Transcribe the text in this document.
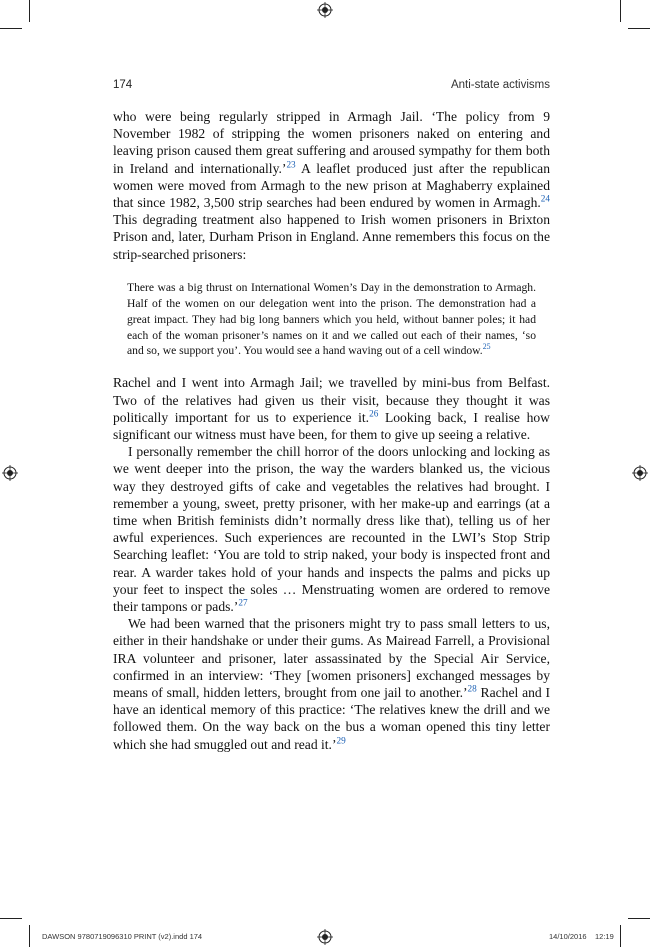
174	Anti-state activisms

who were being regularly stripped in Armagh Jail. ‘The policy from 9 November 1982 of stripping the women prisoners naked on entering and leaving prison caused them great suffering and aroused sympathy for them both in Ireland and internationally.’$^{23}$ A leaflet produced just after the republican women were moved from Armagh to the new prison at Maghaberry explained that since 1982, 3,500 strip searches had been endured by women in Armagh.$^{24}$ This degrading treatment also happened to Irish women prisoners in Brixton Prison and, later, Durham Prison in England. Anne remembers this focus on the strip-searched prisoners:

There was a big thrust on International Women’s Day in the demonstration to Armagh. Half of the women on our delegation went into the prison. The demonstration had a great impact. They had big long banners which you held, without banner poles; it had each of the woman prisoner’s names on it and we called out each of their names, ‘so and so, we support you’. You would see a hand waving out of a cell window.$^{25}$

Rachel and I went into Armagh Jail; we travelled by mini-bus from Belfast. Two of the relatives had given us their visit, because they thought it was politically important for us to experience it.$^{26}$ Looking back, I realise how significant our witness must have been, for them to give up seeing a relative.

I personally remember the chill horror of the doors unlocking and locking as we went deeper into the prison, the way the warders blanked us, the vicious way they destroyed gifts of cake and vegetables the relatives had brought. I remember a young, sweet, pretty prisoner, with her make-up and earrings (at a time when British feminists didn’t normally dress like that), telling us of her awful experiences. Such experiences are recounted in the LWI’s Stop Strip Searching leaflet: ‘You are told to strip naked, your body is inspected front and rear. A warder takes hold of your hands and inspects the palms and picks up your feet to inspect the soles … Menstruating women are ordered to remove their tampons or pads.’$^{27}$

We had been warned that the prisoners might try to pass small letters to us, either in their handshake or under their gums. As Mairead Farrell, a Provisional IRA volunteer and prisoner, later assassinated by the Special Air Service, confirmed in an interview: ‘They [women prisoners] exchanged messages by means of small, hidden letters, brought from one jail to another.’$^{28}$ Rachel and I have an identical memory of this practice: ‘The relatives knew the drill and we followed them. On the way back on the bus a woman opened this tiny letter which she had smuggled out and read it.’$^{29}$

DAWSON 9780719096310 PRINT (v2).indd 174	14/10/2016 12:19
